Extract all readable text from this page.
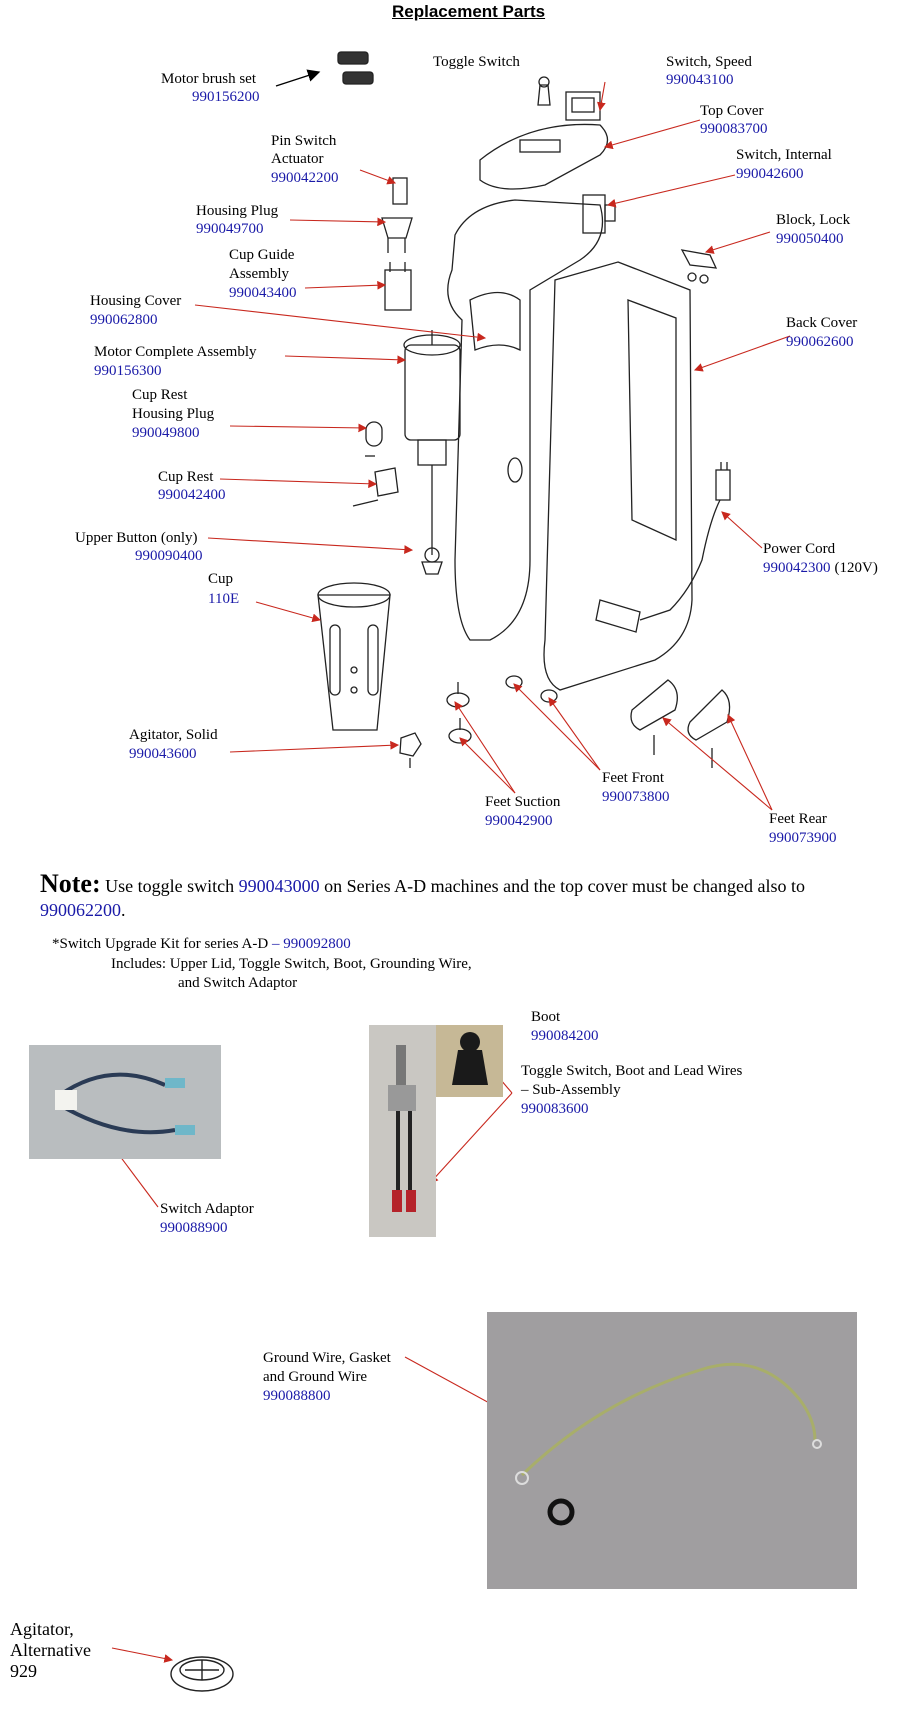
Replacement Parts
Motor brush set
990156200
Toggle Switch	Switch, Speed
990043100
Top Cover
990083700
Pin Switch
Actuator
990042200
Switch, Internal
990042600
Housing Plug
990049700
Block, Lock
990050400
Cup Guide
Assembly
990043400
Housing Cover
990062800	Back Cover
990062600
Motor Complete Assembly
990156300
Cup Rest
Housing Plug
990049800
Cup Rest
990042400
Upper Button (only)
990090400	Power Cord
990042300 (120V)
Cup
110E
Feet Front
990073800
Agitator, Solid
990043600
Feet Suction
990042900	Feet Rear
990073900
Note: Use toggle switch 990043000 on Series A-D machines and the top cover must be changed also to 990062200.
*Switch Upgrade Kit for series A-D – 990092800
Includes: Upper Lid, Toggle Switch, Boot, Grounding Wire,
and Switch Adaptor
Switch Adaptor
990088900
Boot
990084200
Toggle Switch, Boot and Lead Wires
– Sub-Assembly
990083600
Ground Wire, Gasket
and Ground Wire
990088800
Agitator,
Alternative
929
